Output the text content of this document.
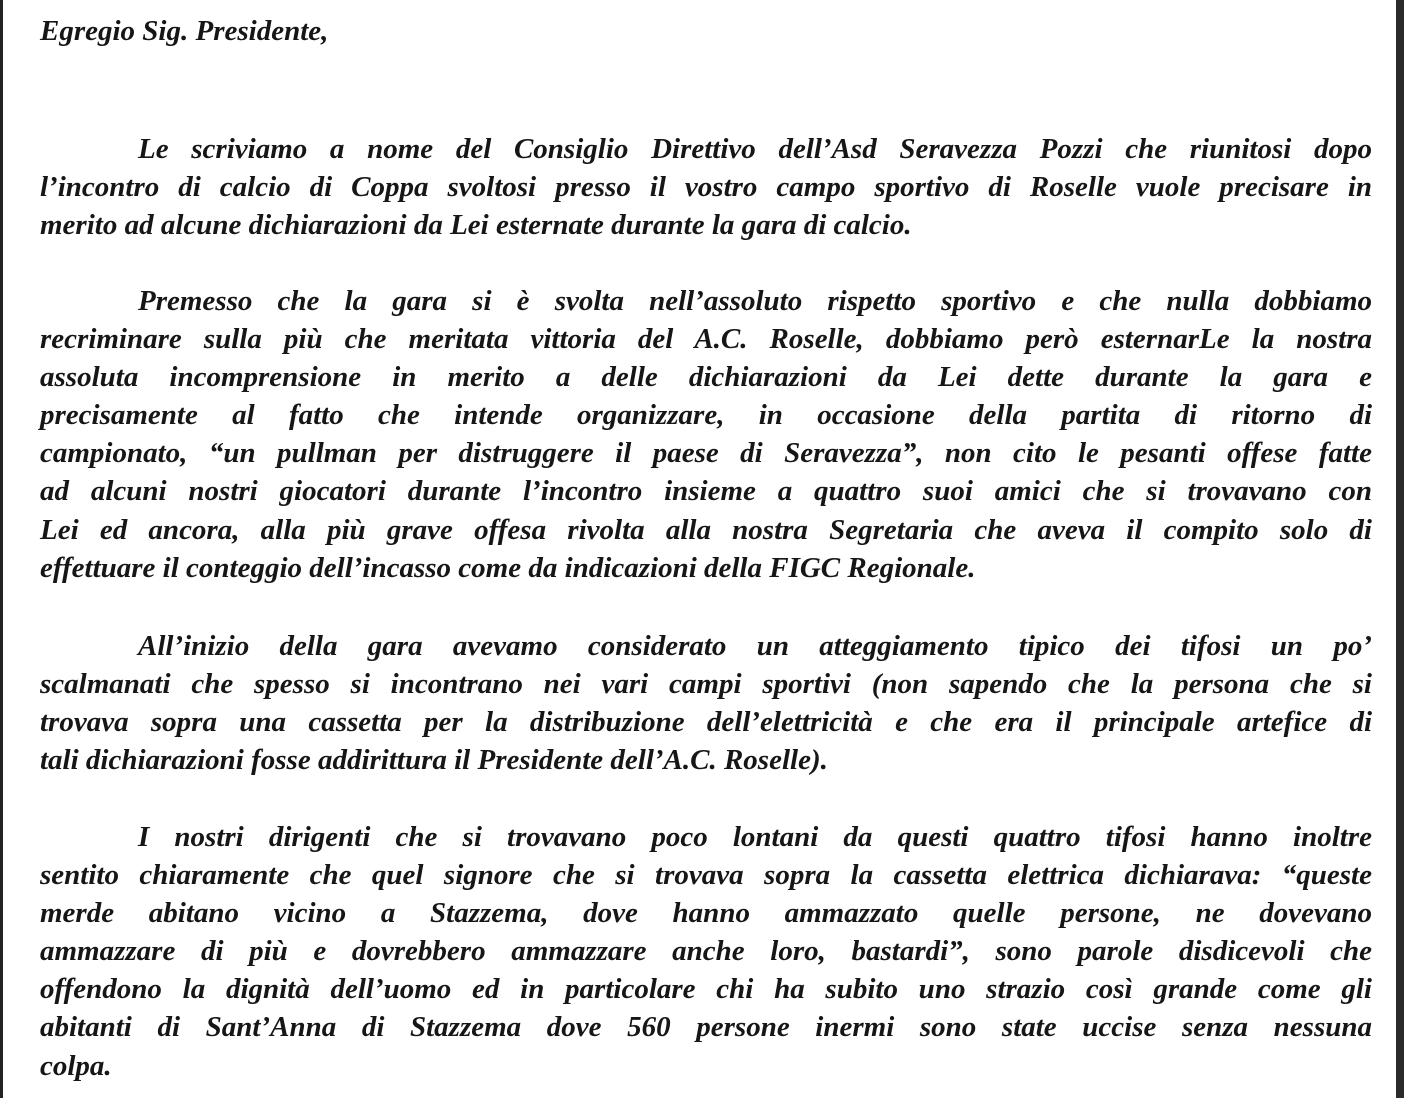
Egregio Sig. Presidente,

Le scriviamo a nome del Consiglio Direttivo dell’Asd Seravezza Pozzi che riunitosi dopo
l’incontro di calcio di Coppa svoltosi presso il vostro campo sportivo di Roselle vuole precisare in
merito ad alcune dichiarazioni da Lei esternate durante la gara di calcio.
Premesso che la gara si è svolta nell’assoluto rispetto sportivo e che nulla dobbiamo
recriminare sulla più che meritata vittoria del A.C. Roselle, dobbiamo però esternarLe la nostra
assoluta incomprensione in merito a delle dichiarazioni da Lei dette durante la gara e
precisamente al fatto che intende organizzare, in occasione della partita di ritorno di
campionato, “un pullman per distruggere il paese di Seravezza”, non cito le pesanti offese fatte
ad alcuni nostri giocatori durante l’incontro insieme a quattro suoi amici che si trovavano con
Lei ed ancora, alla più grave offesa rivolta alla nostra Segretaria che aveva il compito solo di
effettuare il conteggio dell’incasso come da indicazioni della FIGC Regionale.
All’inizio della gara avevamo considerato un atteggiamento tipico dei tifosi un po’
scalmanati che spesso si incontrano nei vari campi sportivi (non sapendo che la persona che si
trovava sopra una cassetta per la distribuzione dell’elettricità e che era il principale artefice di
tali dichiarazioni fosse addirittura il Presidente dell’A.C. Roselle).
I nostri dirigenti che si trovavano poco lontani da questi quattro tifosi hanno inoltre
sentito chiaramente che quel signore che si trovava sopra la cassetta elettrica dichiarava: “queste
merde abitano vicino a Stazzema, dove hanno ammazzato quelle persone, ne dovevano
ammazzare di più e dovrebbero ammazzare anche loro, bastardi”, sono parole disdicevoli che
offendono la dignità dell’uomo ed in particolare chi ha subito uno strazio così grande come gli
abitanti di Sant’Anna di Stazzema dove 560 persone inermi sono state uccise senza nessuna
colpa.
